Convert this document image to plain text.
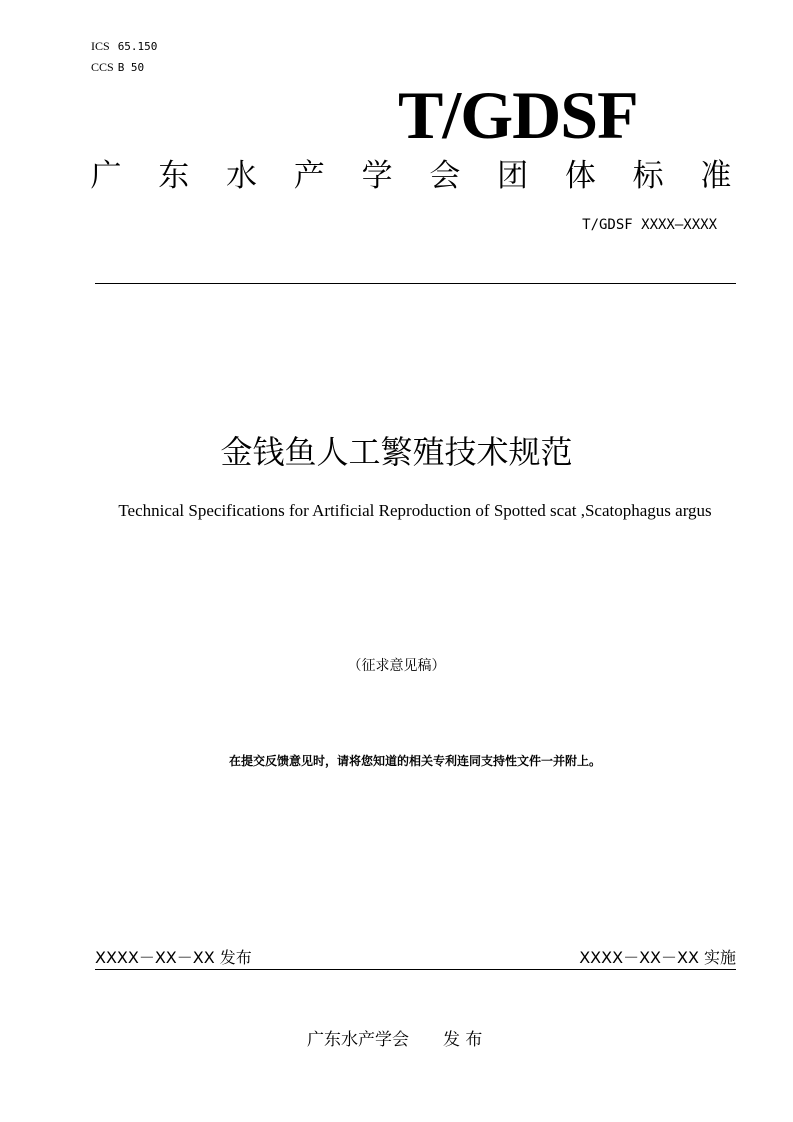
ICS 65.150
CCS B 50
T/GDSF
广 东 水 产 学 会 团 体 标 准
T/GDSF XXXX—XXXX
金钱鱼人工繁殖技术规范
Technical Specifications for Artificial Reproduction of Spotted scat ,Scatophagus argus
（征求意见稿）
在提交反馈意见时，请将您知道的相关专利连同支持性文件一并附上。
XXXX－XX－XX 发布	XXXX－XX－XX 实施
广东水产学会　　发 布
